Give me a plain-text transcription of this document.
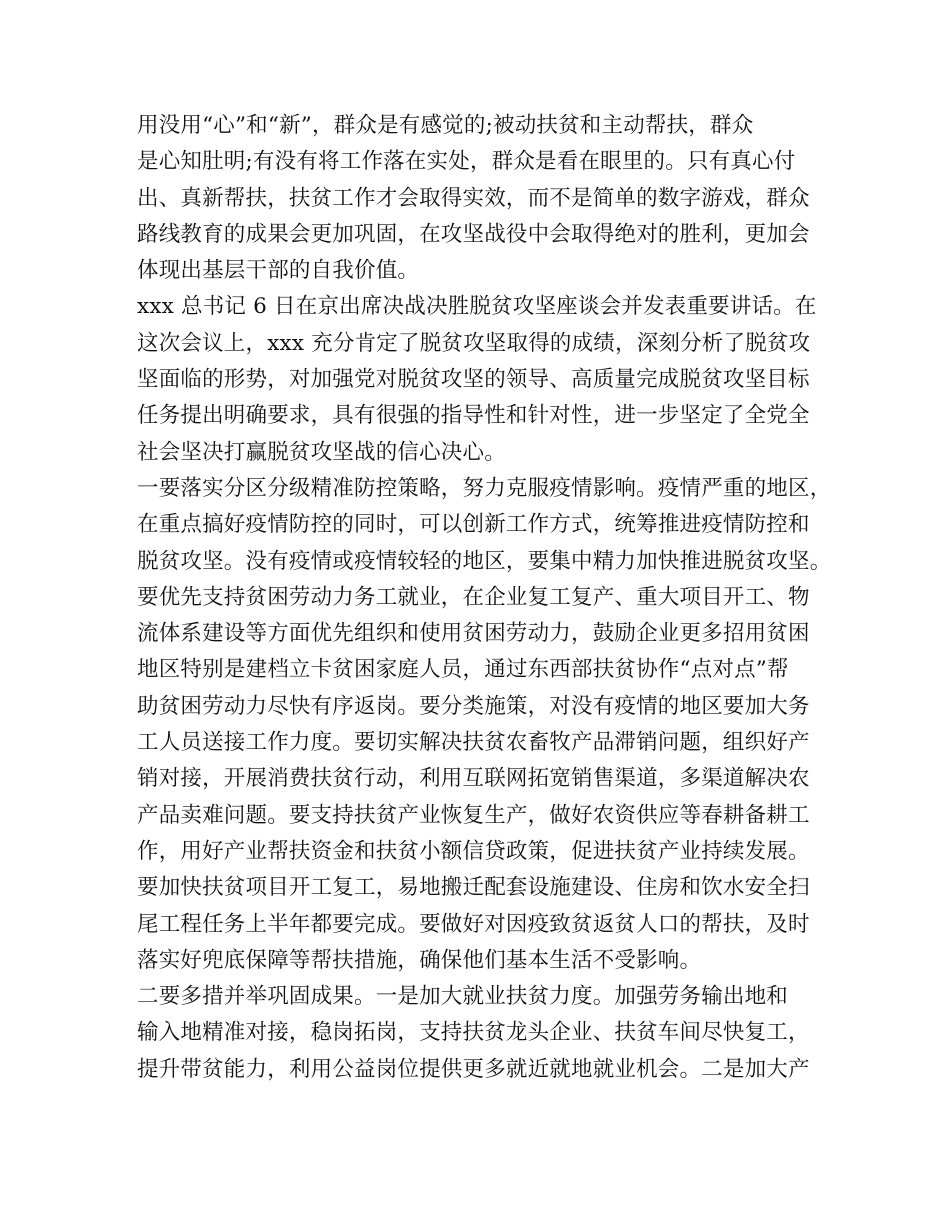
用没用“心”和“新”，群众是有感觉的;被动扶贫和主动帮扶，群众
是心知肚明;有没有将工作落在实处，群众是看在眼里的。只有真心付
出、真新帮扶，扶贫工作才会取得实效，而不是简单的数字游戏，群众
路线教育的成果会更加巩固，在攻坚战役中会取得绝对的胜利，更加会
体现出基层干部的自我价值。
xxx 总书记 6 日在京出席决战决胜脱贫攻坚座谈会并发表重要讲话。在
这次会议上，xxx 充分肯定了脱贫攻坚取得的成绩，深刻分析了脱贫攻
坚面临的形势，对加强党对脱贫攻坚的领导、高质量完成脱贫攻坚目标
任务提出明确要求，具有很强的指导性和针对性，进一步坚定了全党全
社会坚决打赢脱贫攻坚战的信心决心。
一要落实分区分级精准防控策略，努力克服疫情影响。疫情严重的地区，
在重点搞好疫情防控的同时，可以创新工作方式，统筹推进疫情防控和
脱贫攻坚。没有疫情或疫情较轻的地区，要集中精力加快推进脱贫攻坚。
要优先支持贫困劳动力务工就业，在企业复工复产、重大项目开工、物
流体系建设等方面优先组织和使用贫困劳动力，鼓励企业更多招用贫困
地区特别是建档立卡贫困家庭人员，通过东西部扶贫协作“点对点”帮
助贫困劳动力尽快有序返岗。要分类施策，对没有疫情的地区要加大务
工人员送接工作力度。要切实解决扶贫农畜牧产品滞销问题，组织好产
销对接，开展消费扶贫行动，利用互联网拓宽销售渠道，多渠道解决农
产品卖难问题。要支持扶贫产业恢复生产，做好农资供应等春耕备耕工
作，用好产业帮扶资金和扶贫小额信贷政策，促进扶贫产业持续发展。
要加快扶贫项目开工复工，易地搬迁配套设施建设、住房和饮水安全扫
尾工程任务上半年都要完成。要做好对因疫致贫返贫人口的帮扶，及时
落实好兜底保障等帮扶措施，确保他们基本生活不受影响。
二要多措并举巩固成果。一是加大就业扶贫力度。加强劳务输出地和
输入地精准对接，稳岗拓岗，支持扶贫龙头企业、扶贫车间尽快复工，
提升带贫能力，利用公益岗位提供更多就近就地就业机会。二是加大产
